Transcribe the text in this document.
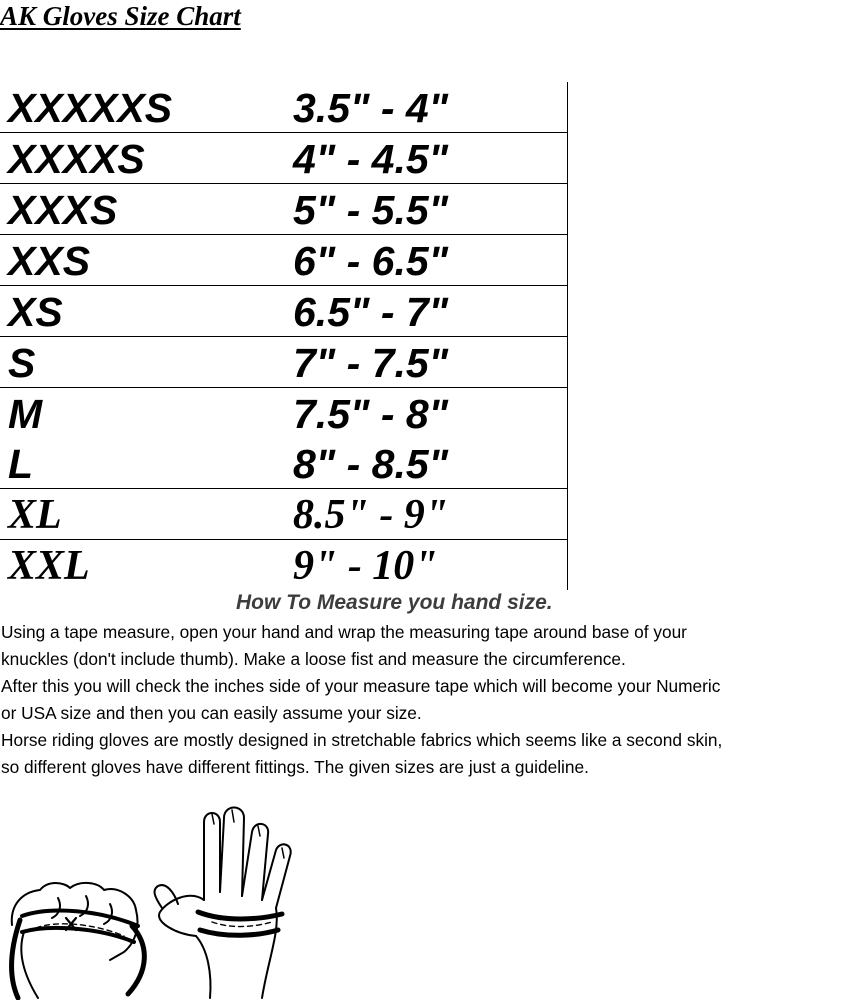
AK Gloves Size Chart
XXXXXS	3.5" - 4"
XXXXS	4" - 4.5"
XXXS	5" - 5.5"
XXS	6" - 6.5"
XS	6.5" - 7"
S	7" - 7.5"
M	7.5" - 8"
L	8" - 8.5"
XL	8.5" - 9"
XXL	9" - 10"
How To Measure you hand size.

Using a tape measure, open your hand and wrap the measuring tape around base of your

knuckles (don't include thumb). Make a loose fist and measure the circumference.

After this you will check the inches side of your measure tape which will become your Numeric

or USA size and then you can easily assume your size.

Horse riding gloves are mostly designed in stretchable fabrics which seems like a second skin,

so different gloves have different fittings. The given sizes are just a guideline.
